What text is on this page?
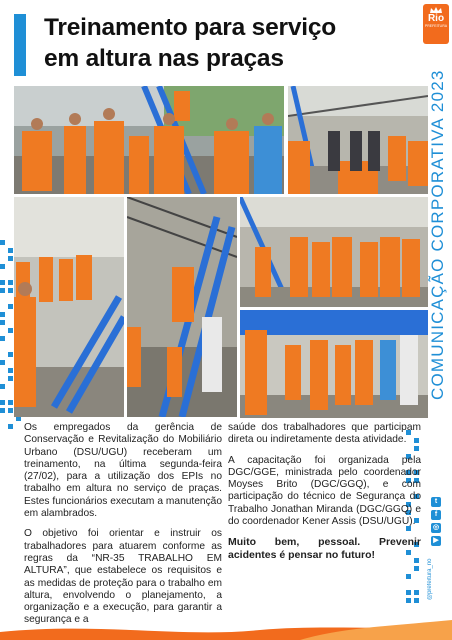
Treinamento para serviço
em altura nas praças
Rio
PREFEITURA
COMUNICAÇÃO CORPORATIVA 2023
t
f
◎
▶
@prefeitura_rio

Os empregados da gerência de Conservação e Revitalização do Mobiliário Urbano (DSU/UGU) receberam um treinamento, na última segunda-feira (27/02), para a utilização dos EPIs no trabalho em altura no serviço de praças. Estes funcionários executam a manutenção em alambrados.

O objetivo foi orientar e instruir os trabalhadores para atuarem conforme as regras da “NR-35 TRABALHO EM ALTURA”, que estabelece os requisitos e as medidas de proteção para o trabalho em altura, envolvendo o planejamento, a organização e a execução, para garantir a segurança e a

saúde dos trabalhadores que participam direta ou indiretamente desta atividade.

A capacitação foi organizada pela DGC/GGE, ministrada pelo coordenador Moyses Brito (DGC/GGQ), e com participação do técnico de Segurança do Trabalho Jonathan Miranda (DGC/GGQ) e do coordenador Kener Assis (DSU/UGU).

Muito bem, pessoal. Prevenir acidentes é pensar no futuro!
